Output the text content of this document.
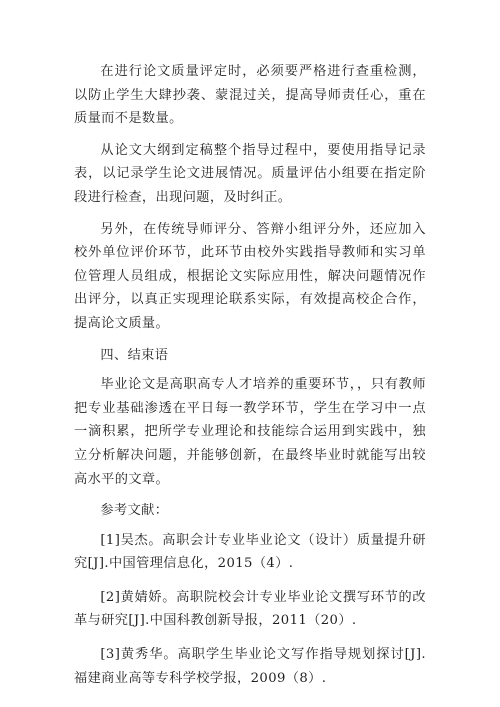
在进行论文质量评定时，必须要严格进行查重检测，以防止学生大肆抄袭、蒙混过关，提高导师责任心，重在质量而不是数量。

从论文大纲到定稿整个指导过程中，要使用指导记录表，以记录学生论文进展情况。质量评估小组要在指定阶段进行检查，出现问题，及时纠正。

另外，在传统导师评分、答辩小组评分外，还应加入校外单位评价环节，此环节由校外实践指导教师和实习单位管理人员组成，根据论文实际应用性，解决问题情况作出评分，以真正实现理论联系实际，有效提高校企合作，提高论文质量。

四、结束语

毕业论文是高职高专人才培养的重要环节，，只有教师把专业基础渗透在平日每一教学环节，学生在学习中一点一滴积累，把所学专业理论和技能综合运用到实践中，独立分析解决问题，并能够创新，在最终毕业时就能写出较高水平的文章。

参考文献：

[1]吴杰。高职会计专业毕业论文（设计）质量提升研究[J].中国管理信息化，2015（4）.

[2]黄婧娇。高职院校会计专业毕业论文撰写环节的改革与研究[J].中国科教创新导报，2011（20）.

[3]黄秀华。高职学生毕业论文写作指导规划探讨[J].福建商业高等专科学校学报，2009（8）.
